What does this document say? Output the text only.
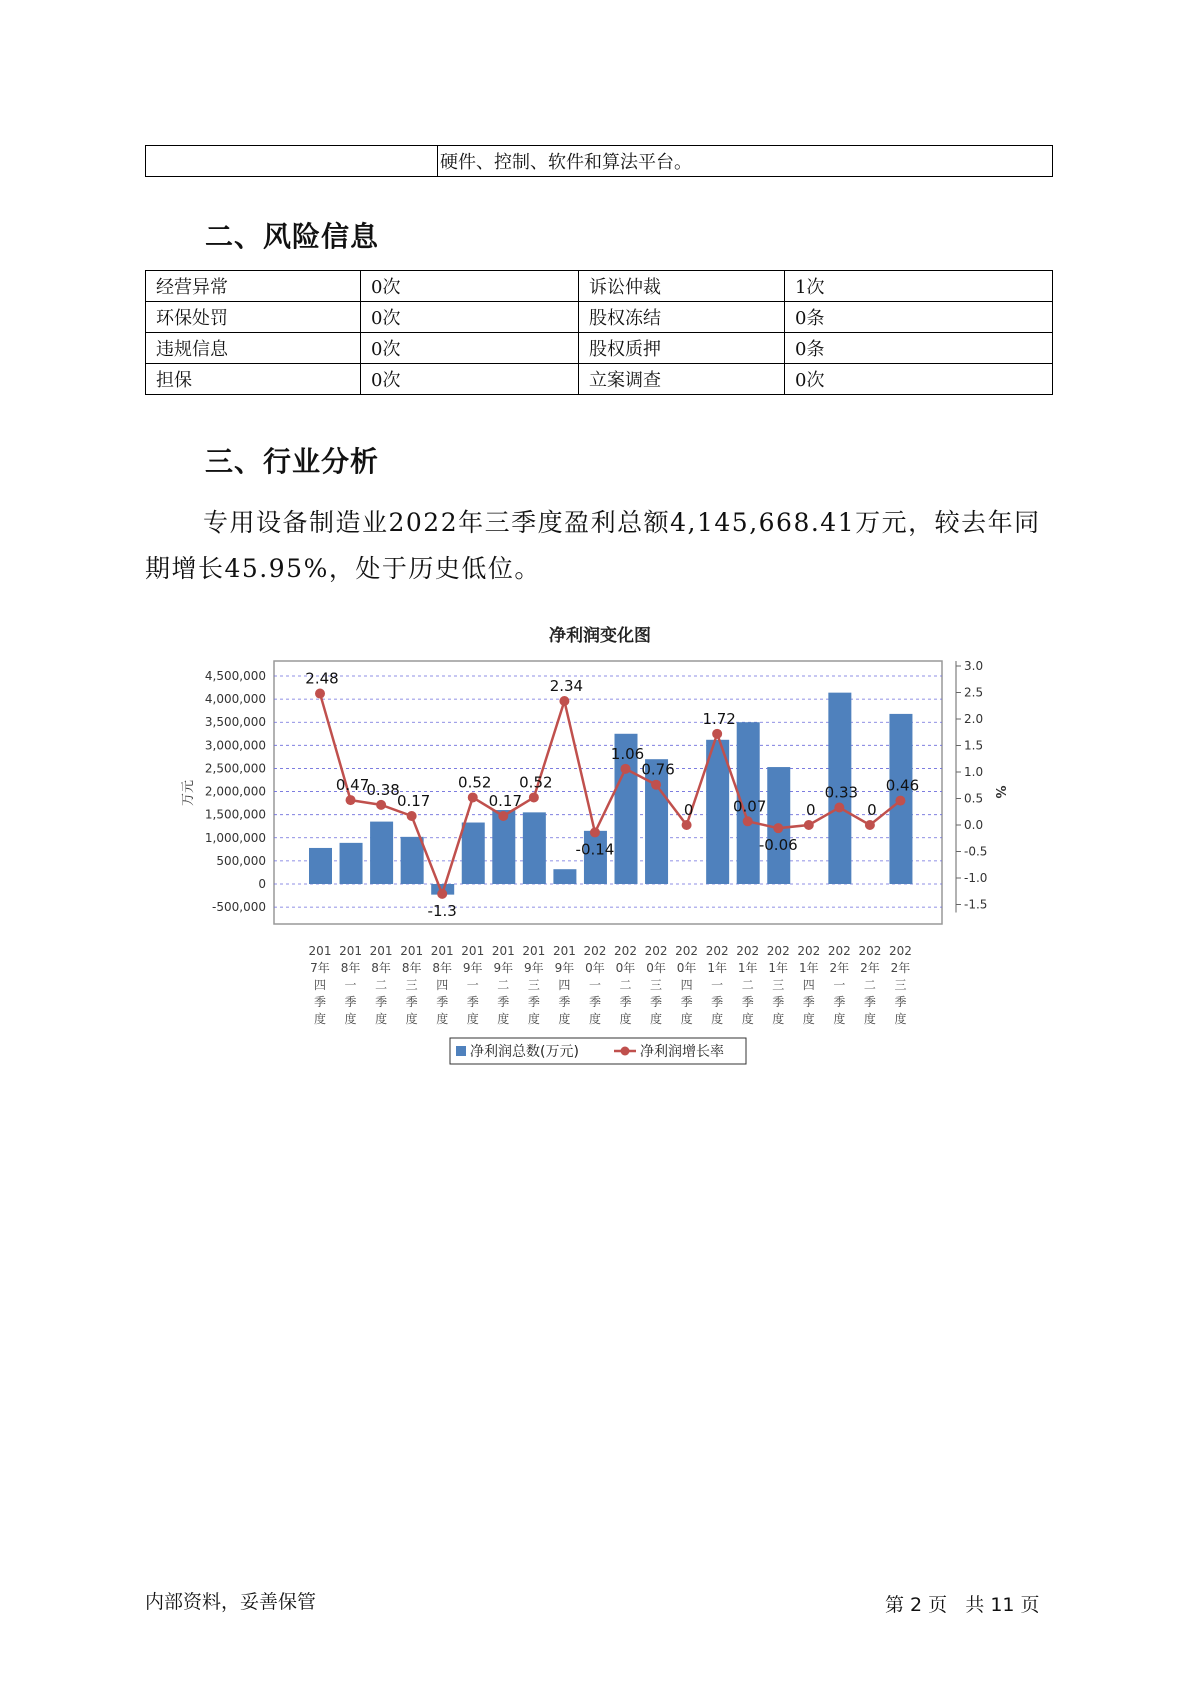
	硬件、控制、软件和算法平台。
二、风险信息
经营异常	0次	诉讼仲裁	1次
环保处罚	0次	股权冻结	0条
违规信息	0次	股权质押	0条
担保	0次	立案调查	0次
三、行业分析
专用设备制造业2022年三季度盈利总额4,145,668.41万元，较去年同期增长45.95%，处于历史低位。
净利润变化图
4,500,000
4,000,000
3,500,000
3,000,000
2,500,000
2,000,000
1,500,000
1,000,000
500,000
0
-500,000
3.0
2.5
2.0
1.5
1.0
0.5
0.0
-0.5
-1.0
-1.5
万元	%
2.48
0.47
0.38
0.17
-1.3
0.52
0.17
0.52
2.34
-0.14
1.06
0.76
0
1.72
0.07
-0.06
0
0.33
0
0.46
201
7年
四
季
度
201
8年
一
季
度
201
8年
二
季
度
201
8年
三
季
度
201
8年
四
季
度
201
9年
一
季
度
201
9年
二
季
度
201
9年
三
季
度
201
9年
四
季
度
202
0年
一
季
度
202
0年
二
季
度
202
0年
三
季
度
202
0年
四
季
度
202
1年
一
季
度
202
1年
二
季
度
202
1年
三
季
度
202
1年
四
季
度
202
2年
一
季
度
202
2年
二
季
度
202
2年
三
季
度
净利润总数(万元)	净利润增长率
内部资料，妥善保管	第 2 页   共 11 页
